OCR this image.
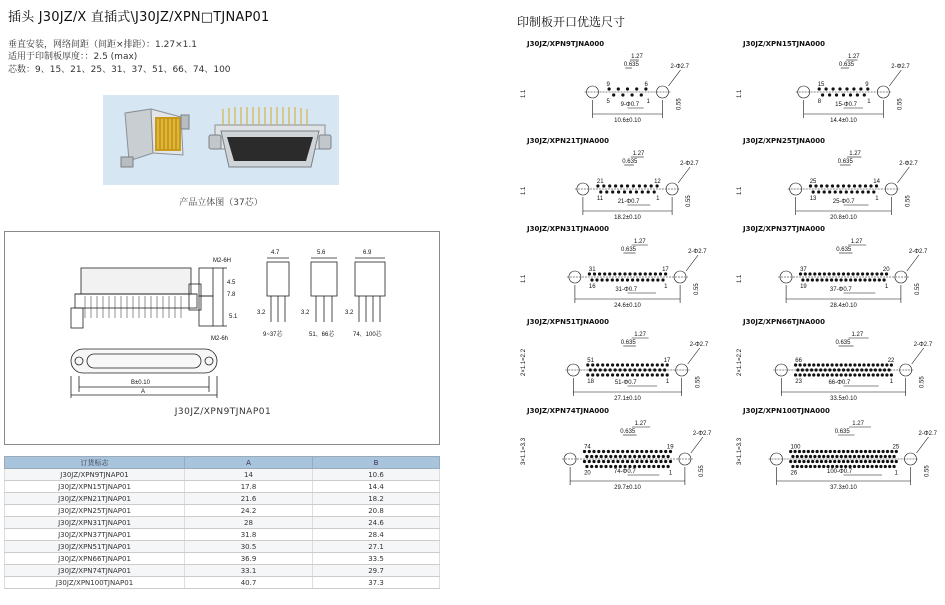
插头 J30JZ/X 直插式\J30JZ/XPN□TJNAP01
垂直安装，网络间距（间距×排距）：1.27×1.1
适用于印制板厚度：：2.5 (max)
芯数：9、15、21、25、31、37、51、66、74、100
产品立体图（37芯）
M2-6H
4.5
7.8
5.1
M2-6h
B±0.10
A
4.7	5.6	6.9
3.2	3.2	3.2
9~37芯	51、66芯	74、100芯
J30JZ/XPN9TJNAP01
订货标志	A	B
J30JZ/XPN9TJNAP01	14	10.6
J30JZ/XPN15TJNAP01	17.8	14.4
J30JZ/XPN21TJNAP01	21.6	18.2
J30JZ/XPN25TJNAP01	24.2	20.8
J30JZ/XPN31TJNAP01	28	24.6
J30JZ/XPN37TJNAP01	31.8	28.4
J30JZ/XPN51TJNAP01	30.5	27.1
J30JZ/XPN66TJNAP01	36.9	33.5
J30JZ/XPN74TJNAP01	33.1	29.7
J30JZ/XPN100TJNAP01	40.7	37.3
印制板开口优选尺寸
J30JZ/XPN9TJNA000
1.27
0.635	2-Φ2.7
9
5
6
1
9-Φ0.7
10.6±0.10
1.1
0.55
J30JZ/XPN15TJNA000
1.27
0.635	2-Φ2.7
15
8
9
1
15-Φ0.7
14.4±0.10
1.1
0.55
J30JZ/XPN21TJNA000
1.27
0.635	2-Φ2.7
21
11
12
1
21-Φ0.7
18.2±0.10
1.1
0.55
J30JZ/XPN25TJNA000
1.27
0.635	2-Φ2.7
25
13
14
1
25-Φ0.7
20.8±0.10
1.1
0.55
J30JZ/XPN31TJNA000
1.27
0.635	2-Φ2.7
31
16
17
1
31-Φ0.7
24.6±0.10
1.1
0.55
J30JZ/XPN37TJNA000
1.27
0.635	2-Φ2.7
37
19
20
1
37-Φ0.7
28.4±0.10
1.1
0.55
J30JZ/XPN51TJNA000
1.27
0.635	2-Φ2.7
51
18
17
1
51-Φ0.7
27.1±0.10
2×1.1=2.2
0.55
J30JZ/XPN66TJNA000
1.27
0.635	2-Φ2.7
66
23
22
1
66-Φ0.7
33.5±0.10
2×1.1=2.2
0.55
J30JZ/XPN74TJNA000
1.27
0.635	2-Φ2.7
74
20
19
1
74-Φ0.7
29.7±0.10
3×1.1=3.3
0.55
J30JZ/XPN100TJNA000
1.27
0.635	2-Φ2.7
100
26
25
1
100-Φ0.7
37.3±0.10
3×1.1=3.3
0.55
